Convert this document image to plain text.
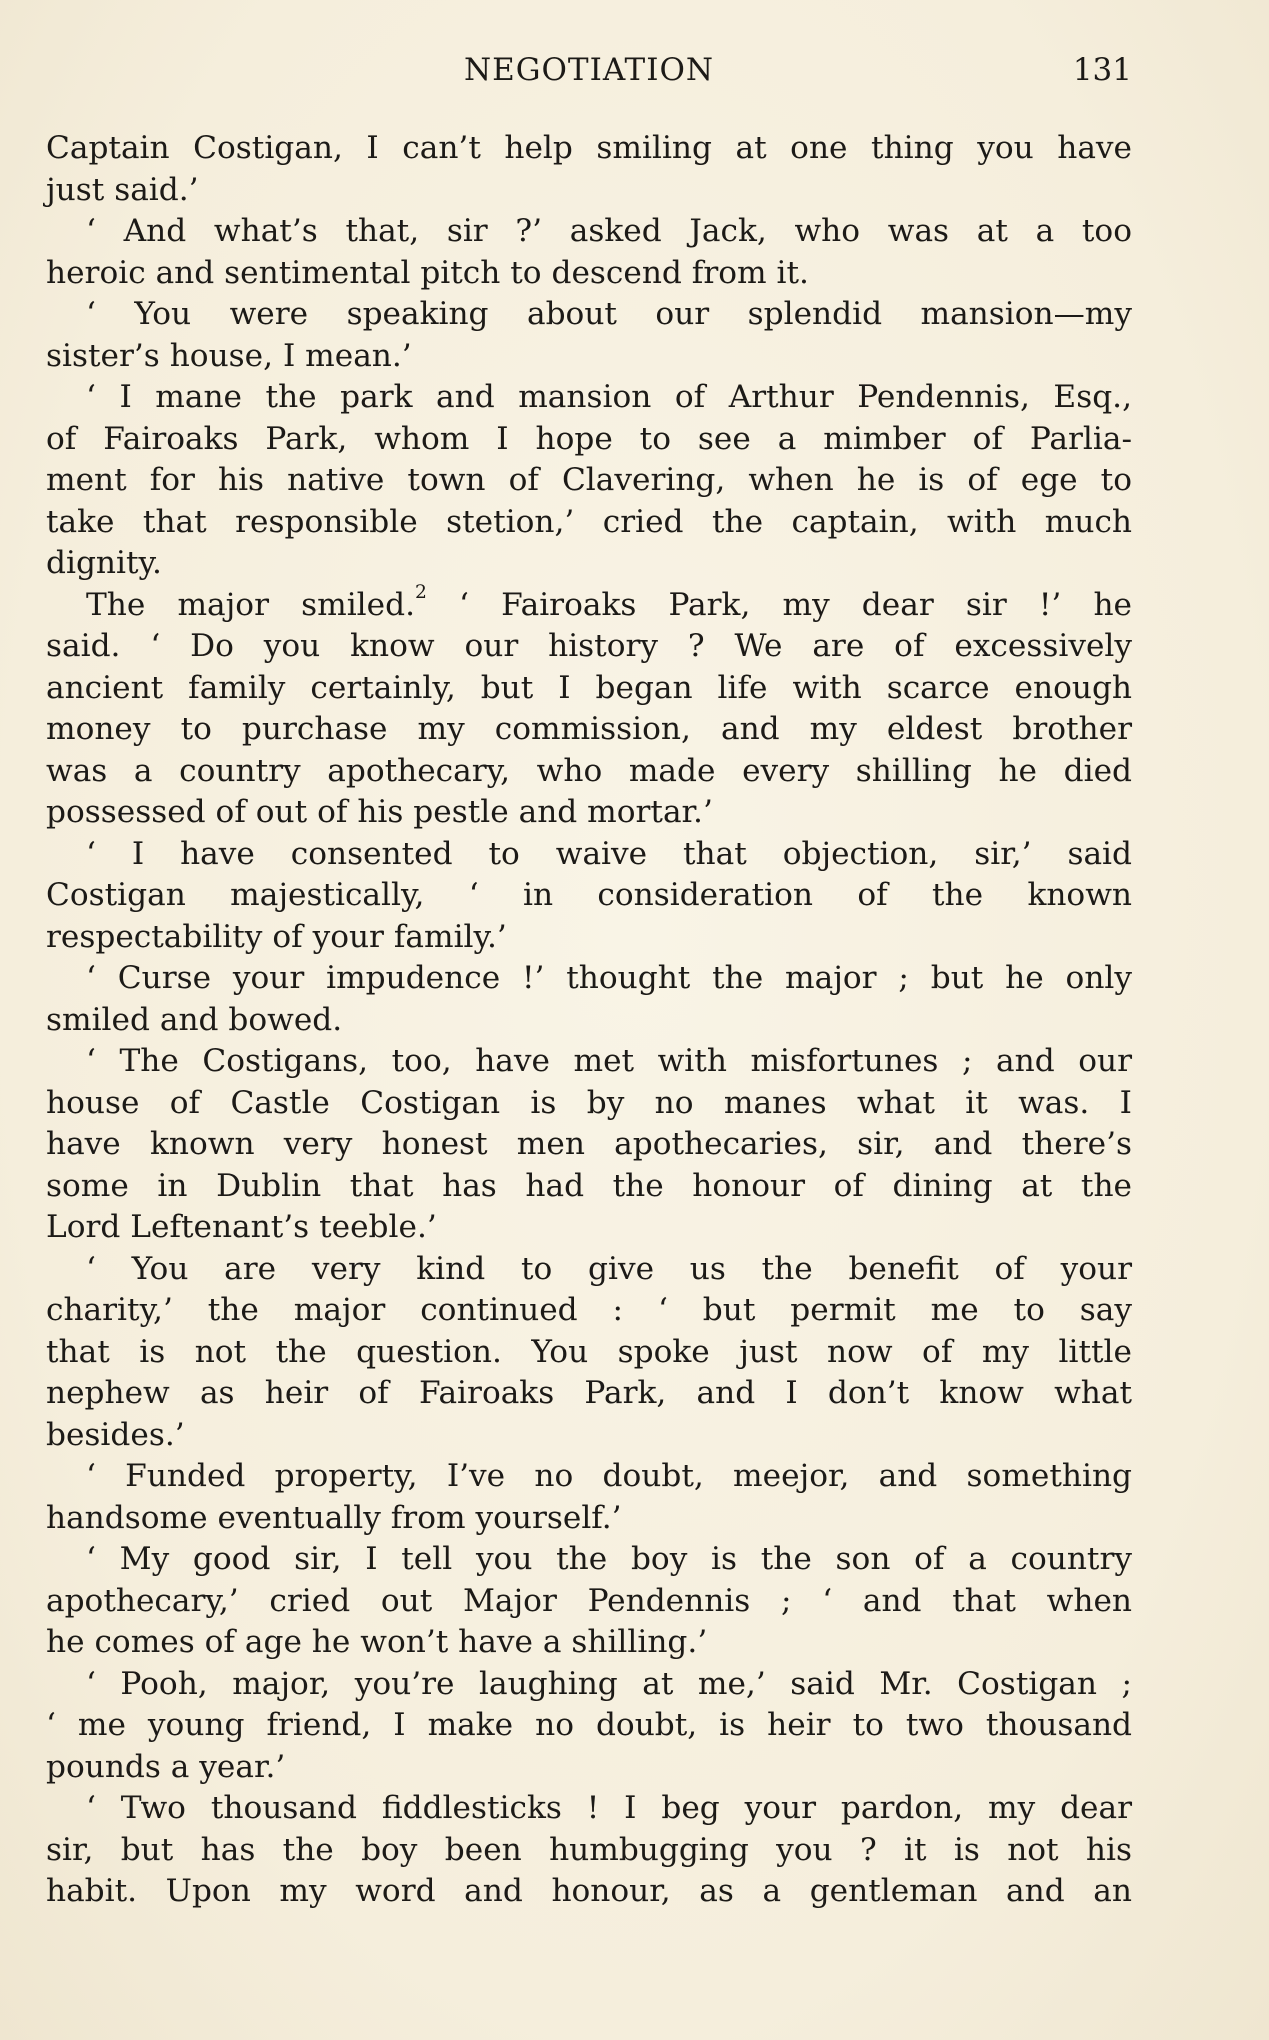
NEGOTIATION	131
Captain Costigan, I can’t help smiling at one thing you have
just said.’
‘ And what’s that, sir ?’ asked Jack, who was at a too
heroic and sentimental pitch to descend from it.
‘ You were speaking about our splendid mansion—my
sister’s house, I mean.’
‘ I mane the park and mansion of Arthur Pendennis, Esq.,
of Fairoaks Park, whom I hope to see a mimber of Parlia-
ment for his native town of Clavering, when he is of ege to
take that responsible stetion,’ cried the captain, with much
dignity.
The major smiled.$^2$ ‘ Fairoaks Park, my dear sir !’ he
said. ‘ Do you know our history ? We are of excessively
ancient family certainly, but I began life with scarce enough
money to purchase my commission, and my eldest brother
was a country apothecary, who made every shilling he died
possessed of out of his pestle and mortar.’
‘ I have consented to waive that objection, sir,’ said
Costigan majestically, ‘ in consideration of the known
respectability of your family.’
‘ Curse your impudence !’ thought the major ; but he only
smiled and bowed.
‘ The Costigans, too, have met with misfortunes ; and our
house of Castle Costigan is by no manes what it was. I
have known very honest men apothecaries, sir, and there’s
some in Dublin that has had the honour of dining at the
Lord Leftenant’s teeble.’
‘ You are very kind to give us the benefit of your
charity,’ the major continued : ‘ but permit me to say
that is not the question. You spoke just now of my little
nephew as heir of Fairoaks Park, and I don’t know what
besides.’
‘ Funded property, I’ve no doubt, meejor, and something
handsome eventually from yourself.’
‘ My good sir, I tell you the boy is the son of a country
apothecary,’ cried out Major Pendennis ; ‘ and that when
he comes of age he won’t have a shilling.’
‘ Pooh, major, you’re laughing at me,’ said Mr. Costigan ;
‘ me young friend, I make no doubt, is heir to two thousand
pounds a year.’
‘ Two thousand fiddlesticks ! I beg your pardon, my dear
sir, but has the boy been humbugging you ? it is not his
habit. Upon my word and honour, as a gentleman and an
